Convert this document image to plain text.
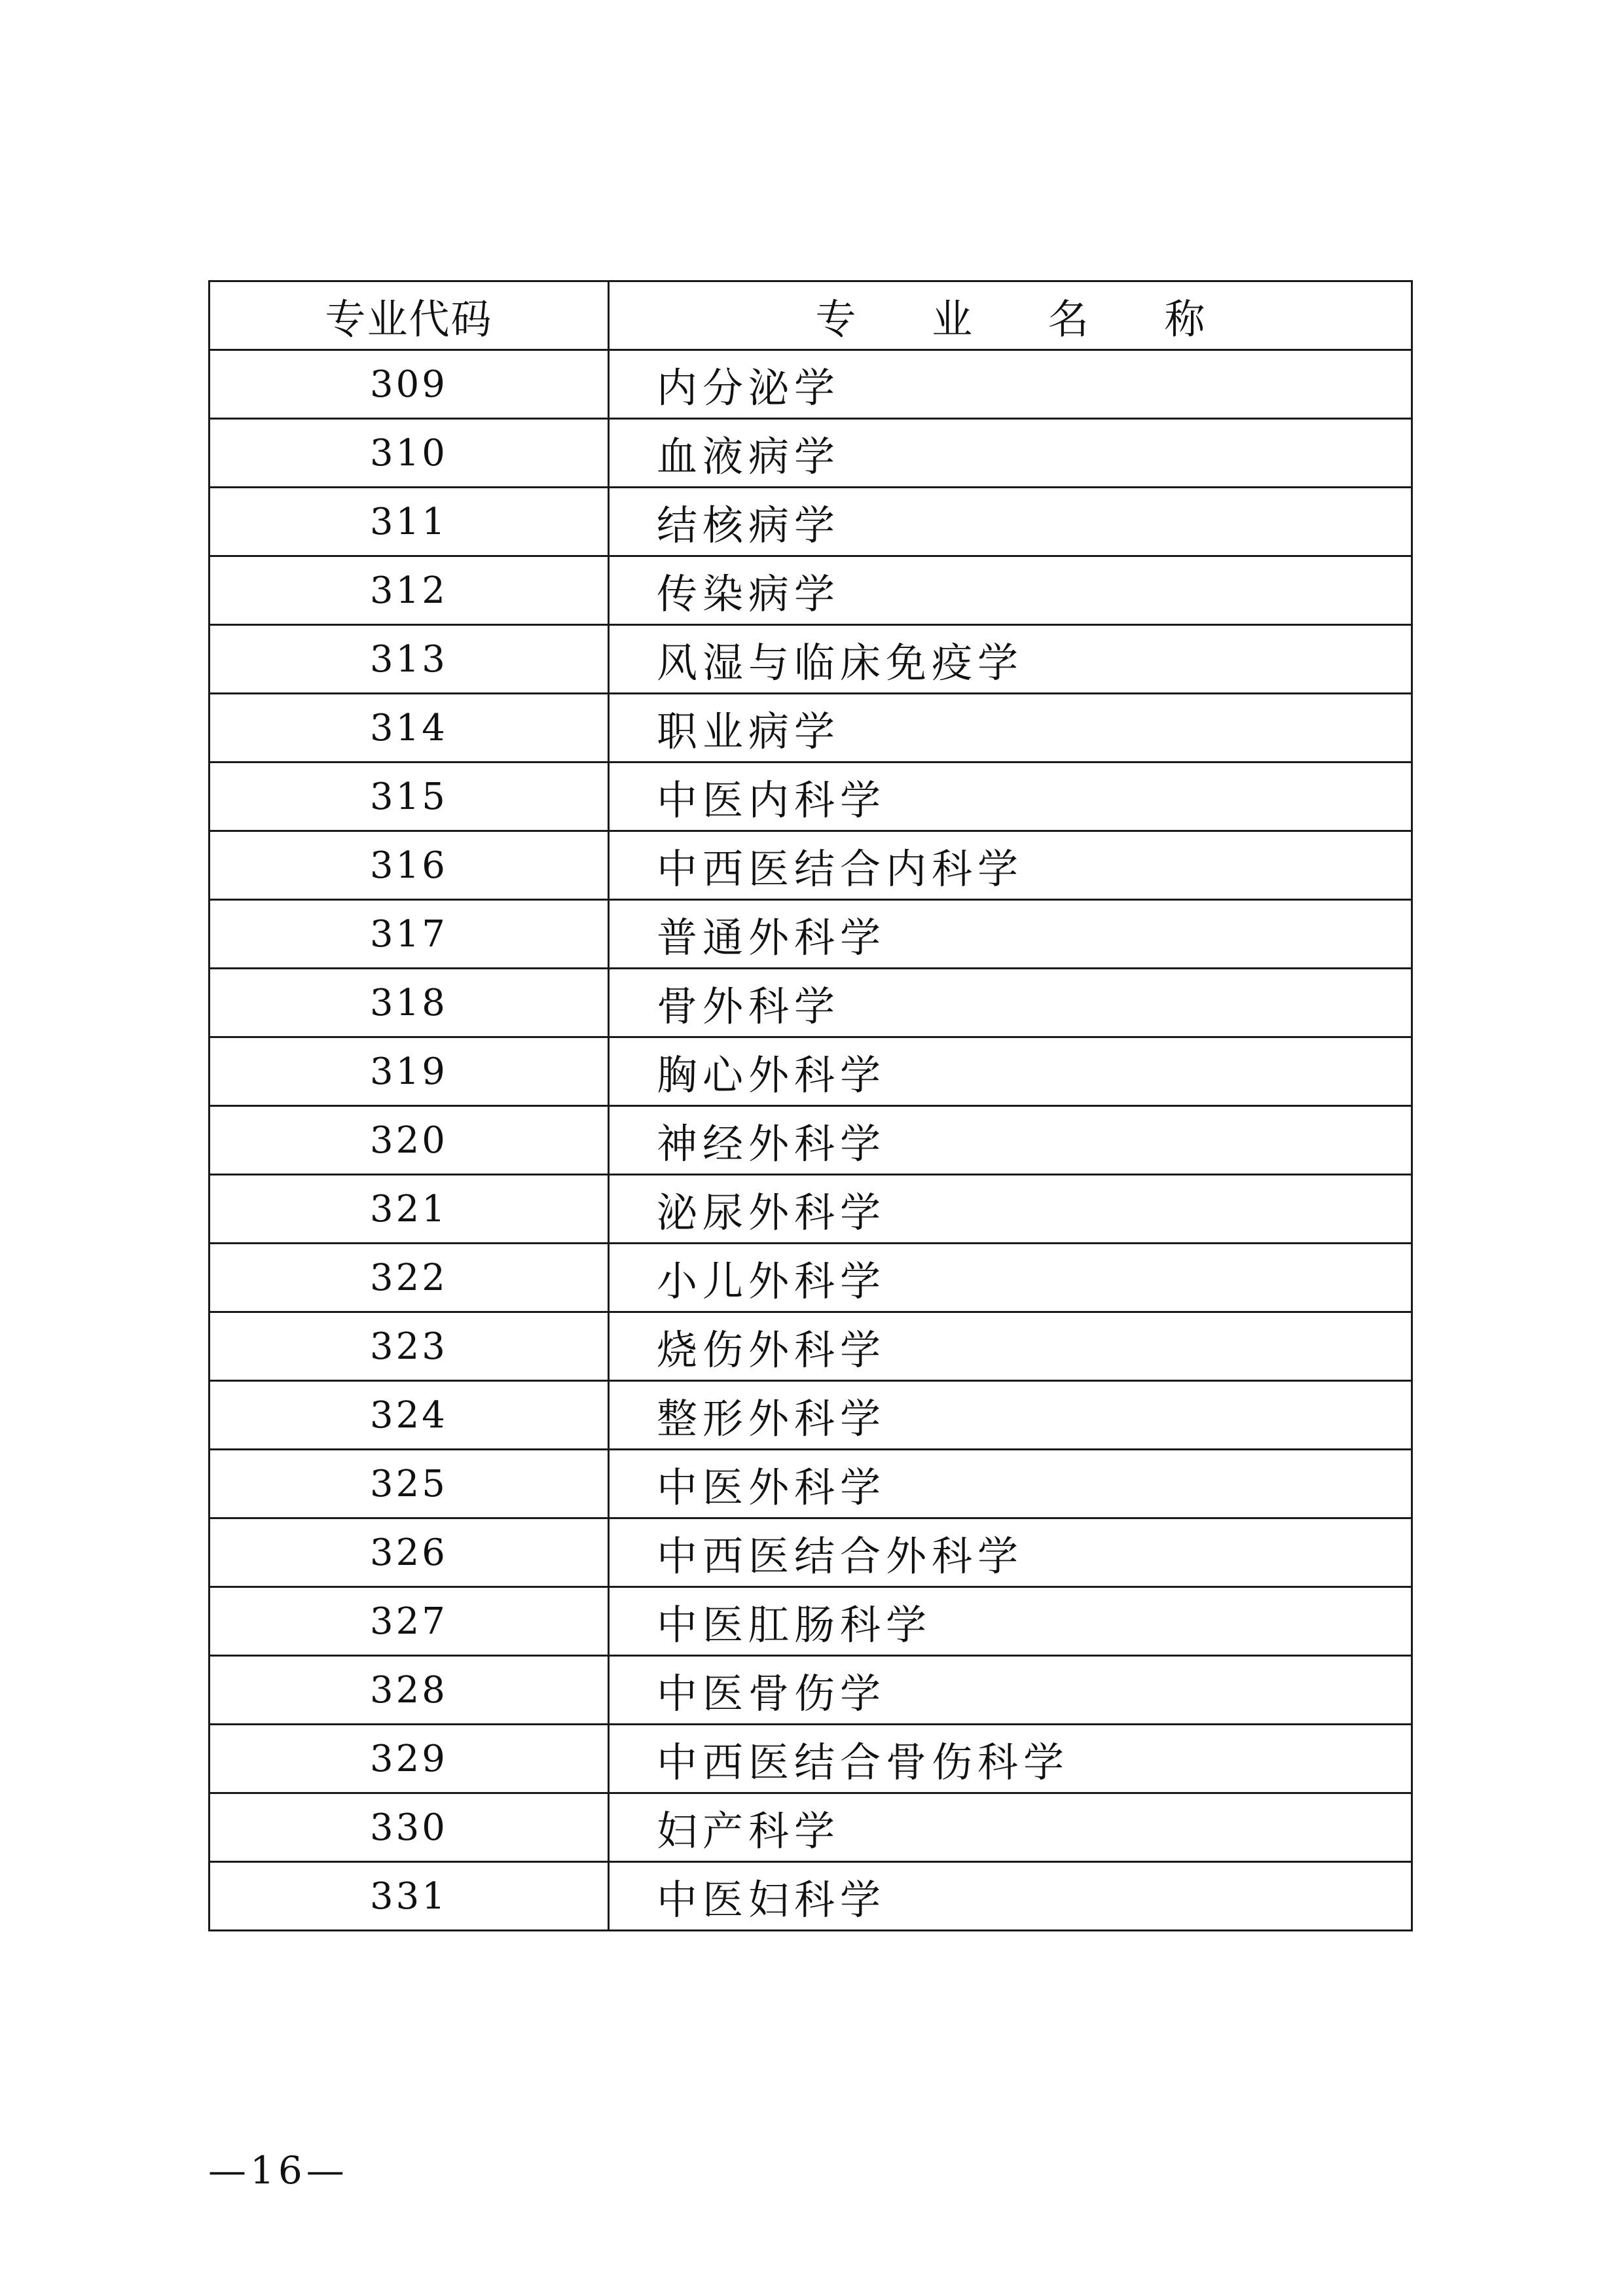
专业代码	专 业 名 称
309	内分泌学
310	血液病学
311	结核病学
312	传染病学
313	风湿与临床免疫学
314	职业病学
315	中医内科学
316	中西医结合内科学
317	普通外科学
318	骨外科学
319	胸心外科学
320	神经外科学
321	泌尿外科学
322	小儿外科学
323	烧伤外科学
324	整形外科学
325	中医外科学
326	中西医结合外科学
327	中医肛肠科学
328	中医骨伤学
329	中西医结合骨伤科学
330	妇产科学
331	中医妇科学
—16—
